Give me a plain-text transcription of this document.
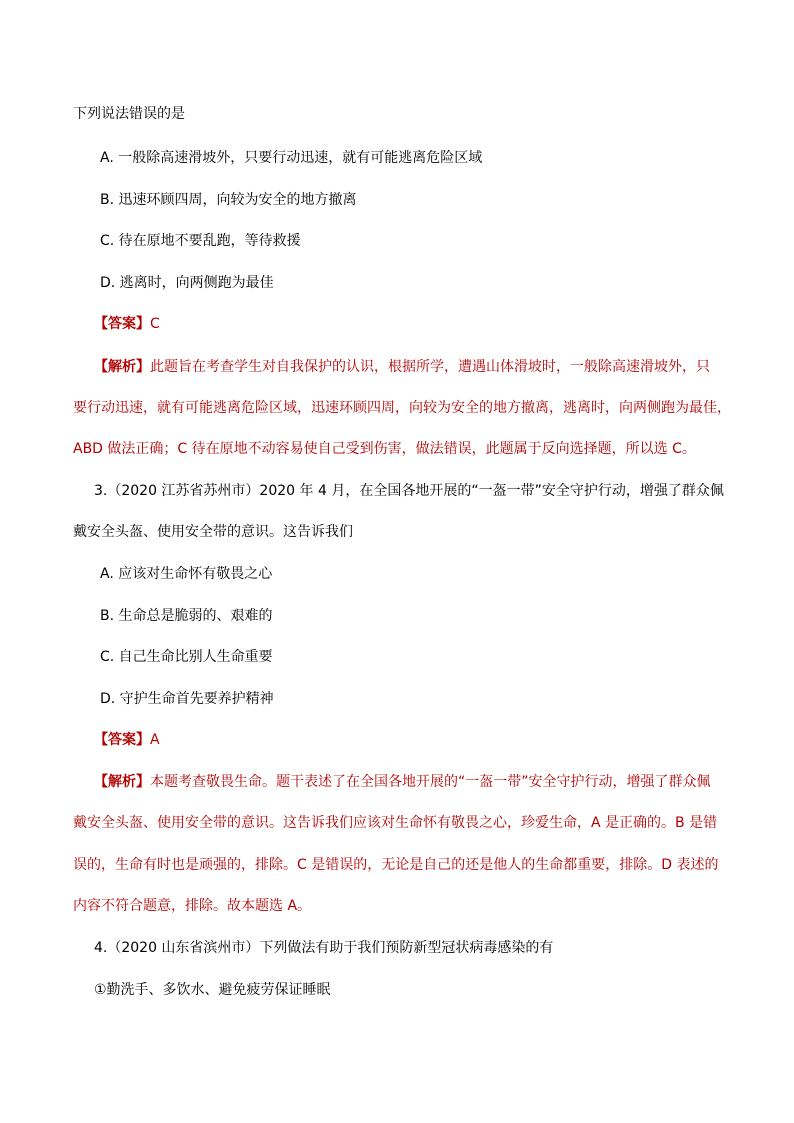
下列说法错误的是
A. 一般除高速滑坡外，只要行动迅速，就有可能逃离危险区域
B. 迅速环顾四周，向较为安全的地方撤离
C. 待在原地不要乱跑，等待救援
D. 逃离时，向两侧跑为最佳
【答案】C
【解析】此题旨在考查学生对自我保护的认识，根据所学，遭遇山体滑坡时，一般除高速滑坡外，只
要行动迅速，就有可能逃离危险区域，迅速环顾四周，向较为安全的地方撤离，逃离时，向两侧跑为最佳，
ABD 做法正确；C 待在原地不动容易使自己受到伤害，做法错误，此题属于反向选择题，所以选 C。
3.（2020 江苏省苏州市）2020 年 4 月，在全国各地开展的“一盔一带”安全守护行动，增强了群众佩
戴安全头盔、使用安全带的意识。这告诉我们
A. 应该对生命怀有敬畏之心
B. 生命总是脆弱的、艰难的
C. 自己生命比别人生命重要
D. 守护生命首先要养护精神
【答案】A
【解析】本题考查敬畏生命。题干表述了在全国各地开展的“一盔一带”安全守护行动，增强了群众佩
戴安全头盔、使用安全带的意识。这告诉我们应该对生命怀有敬畏之心，珍爱生命，A 是正确的。B 是错
误的，生命有时也是顽强的，排除。C 是错误的，无论是自己的还是他人的生命都重要，排除。D 表述的
内容不符合题意，排除。故本题选 A。
4.（2020 山东省滨州市）下列做法有助于我们预防新型冠状病毒感染的有
①勤洗手、多饮水、避免疲劳保证睡眠
